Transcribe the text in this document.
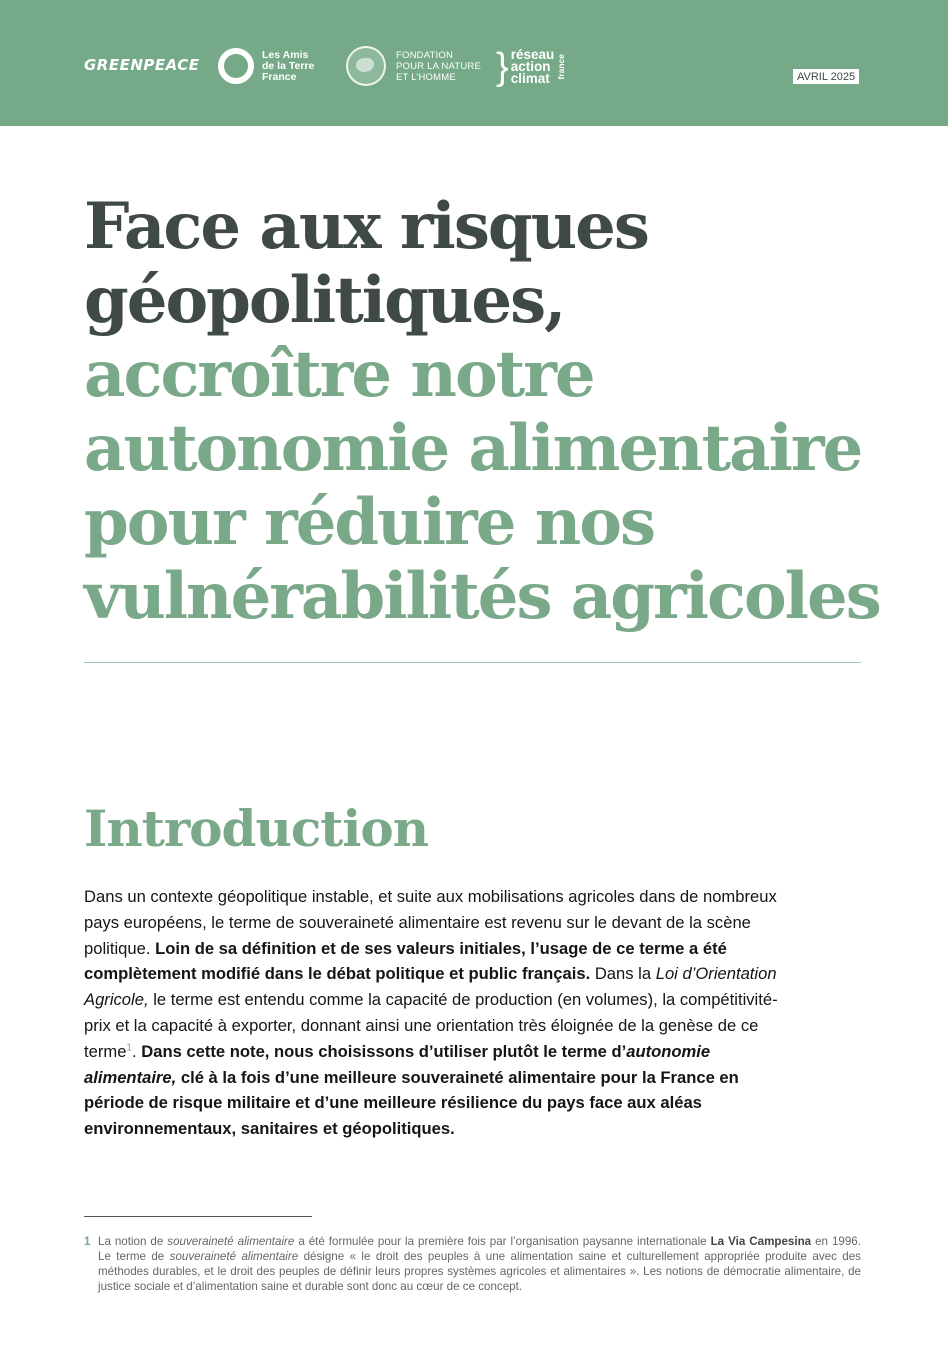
GREENPEACE
Les Amis
de la Terre
France
FONDATION
POUR LA NATURE
ET L’HOMME	} réseau
action
climat france	AVRIL 2025
Face aux risques
géopolitiques,
accroître notre
autonomie alimentaire
pour réduire nos
vulnérabilités agricoles
Introduction

Dans un contexte géopolitique instable, et suite aux mobilisations agricoles dans de nombreux pays européens, le terme de souveraineté alimentaire est revenu sur le devant de la scène politique. Loin de sa définition et de ses valeurs initiales, l’usage de ce terme a été complètement modifié dans le débat politique et public français. Dans la Loi d’Orientation Agricole, le terme est entendu comme la capacité de production (en volumes), la compétitivité-prix et la capacité à exporter, donnant ainsi une orientation très éloignée de la genèse de ce terme$^1$. Dans cette note, nous choisissons d’utiliser plutôt le terme d’autonomie alimentaire, clé à la fois d’une meilleure souveraineté alimentaire pour la France en période de risque militaire et d’une meilleure résilience du pays face aux aléas environnementaux, sanitaires et géopolitiques.

1 La notion de souveraineté alimentaire a été formulée pour la première fois par l’organisation paysanne internationale La Via Campesina en 1996. Le terme de souveraineté alimentaire désigne « le droit des peuples à une alimentation saine et culturellement appropriée produite avec des méthodes durables, et le droit des peuples de définir leurs propres systèmes agricoles et alimentaires ». Les notions de démocratie alimentaire, de justice sociale et d’alimentation saine et durable sont donc au cœur de ce concept.
